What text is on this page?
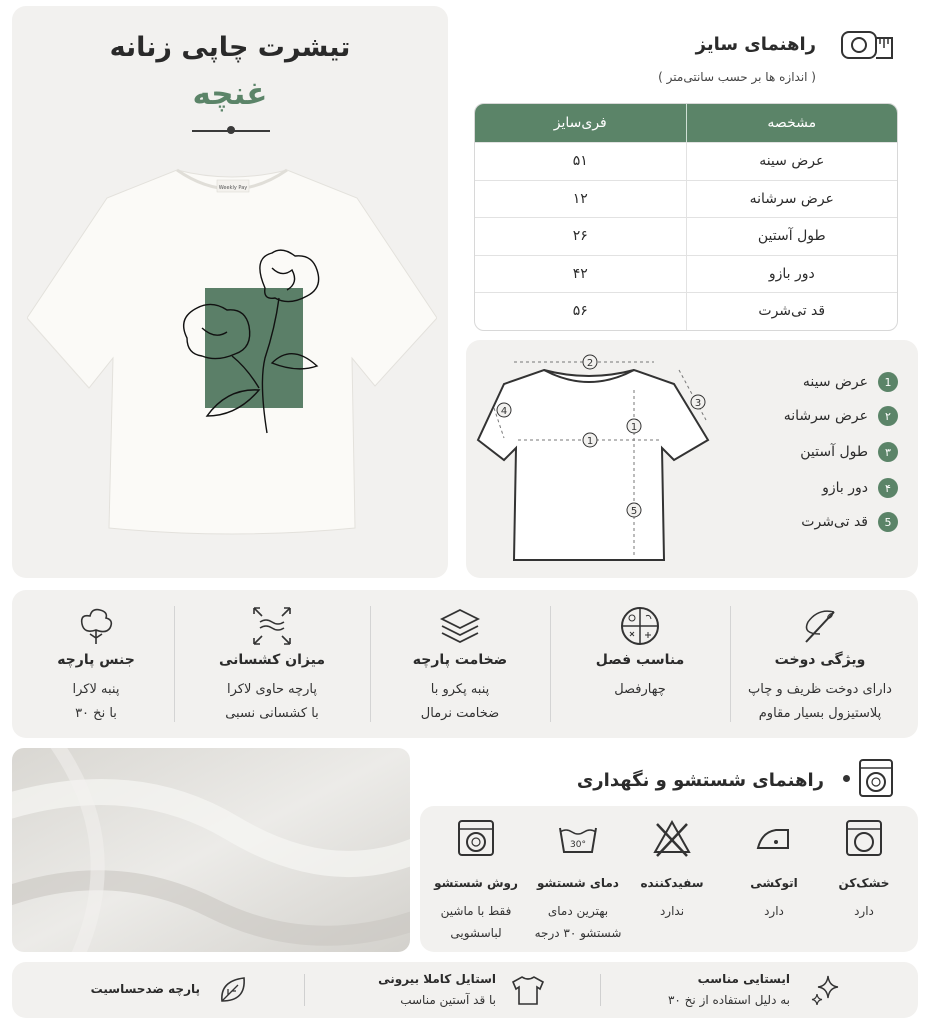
تیشرت چاپی زنانه
غنچه
Weekly Pay
راهنمای سایز
( اندازه ها بر حسب سانتی‌متر )
فری‌سایز	مشخصه
۵۱	عرض سینه
۱۲	عرض سرشانه
۲۶	طول آستین
۴۲	دور بازو
۵۶	قد تی‌شرت
2
3
4
1
1
5
1
عرض سینه
۲
عرض سرشانه
۳
طول آستین
۴
دور بازو
5
قد تی‌شرت
ویژگی دوخت
دارای دوخت ظریف و چاپ
پلاستیزول بسیار مقاوم
مناسب فصل
چهارفصل
ضخامت پارچه
پنبه پکرو با
ضخامت نرمال
میزان کشسانی
پارچه حاوی لاکرا
با کشسانی نسبی
جنس پارچه
پنبه لاکرا
با نخ ۳۰
راهنمای شستشو و نگهداری
خشک‌کن
دارد
اتوکشی
دارد
سفیدکننده
ندارد
30°
دمای شستشو
بهترین دمای
شستشو ۳۰ درجه
روش شستشو
فقط با ماشین
لباسشویی
ایستایی مناسب
به دلیل استفاده از نخ ۳۰
استایل کاملا بیرونی
با قد آستین مناسب
پارچه ضدحساسیت
